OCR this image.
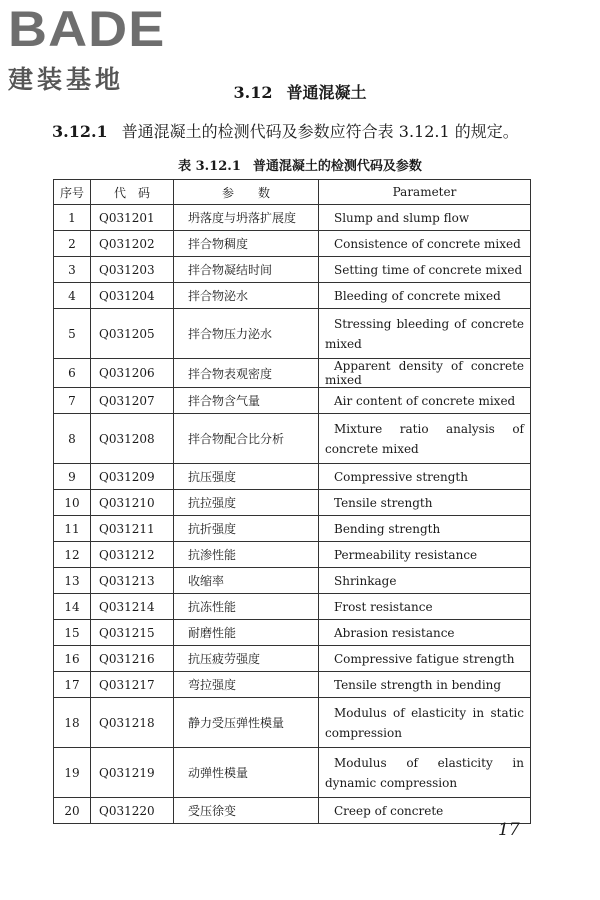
BADE
建装基地	3.12 普通混凝土
3.12.1 普通混凝土的检测代码及参数应符合表 3.12.1 的规定。
表 3.12.1 普通混凝土的检测代码及参数
序号	代　码	参　　数	Parameter
1	Q031201	坍落度与坍落扩展度	Slump and slump flow
2	Q031202	拌合物稠度	Consistence of concrete mixed
3	Q031203	拌合物凝结时间	Setting time of concrete mixed
4	Q031204	拌合物泌水	Bleeding of concrete mixed
5	Q031205	拌合物压力泌水	Stressing bleeding of concrete mixed
6	Q031206	拌合物表观密度	Apparent density of concrete mixed
7	Q031207	拌合物含气量	Air content of concrete mixed
8	Q031208	拌合物配合比分析	Mixture ratio analysis of concrete mixed
9	Q031209	抗压强度	Compressive strength
10	Q031210	抗拉强度	Tensile strength
11	Q031211	抗折强度	Bending strength
12	Q031212	抗渗性能	Permeability resistance
13	Q031213	收缩率	Shrinkage
14	Q031214	抗冻性能	Frost resistance
15	Q031215	耐磨性能	Abrasion resistance
16	Q031216	抗压疲劳强度	Compressive fatigue strength
17	Q031217	弯拉强度	Tensile strength in bending
18	Q031218	静力受压弹性模量	Modulus of elasticity in static compression
19	Q031219	动弹性模量	Modulus of elasticity in dynamic compression
20	Q031220	受压徐变	Creep of concrete
17
